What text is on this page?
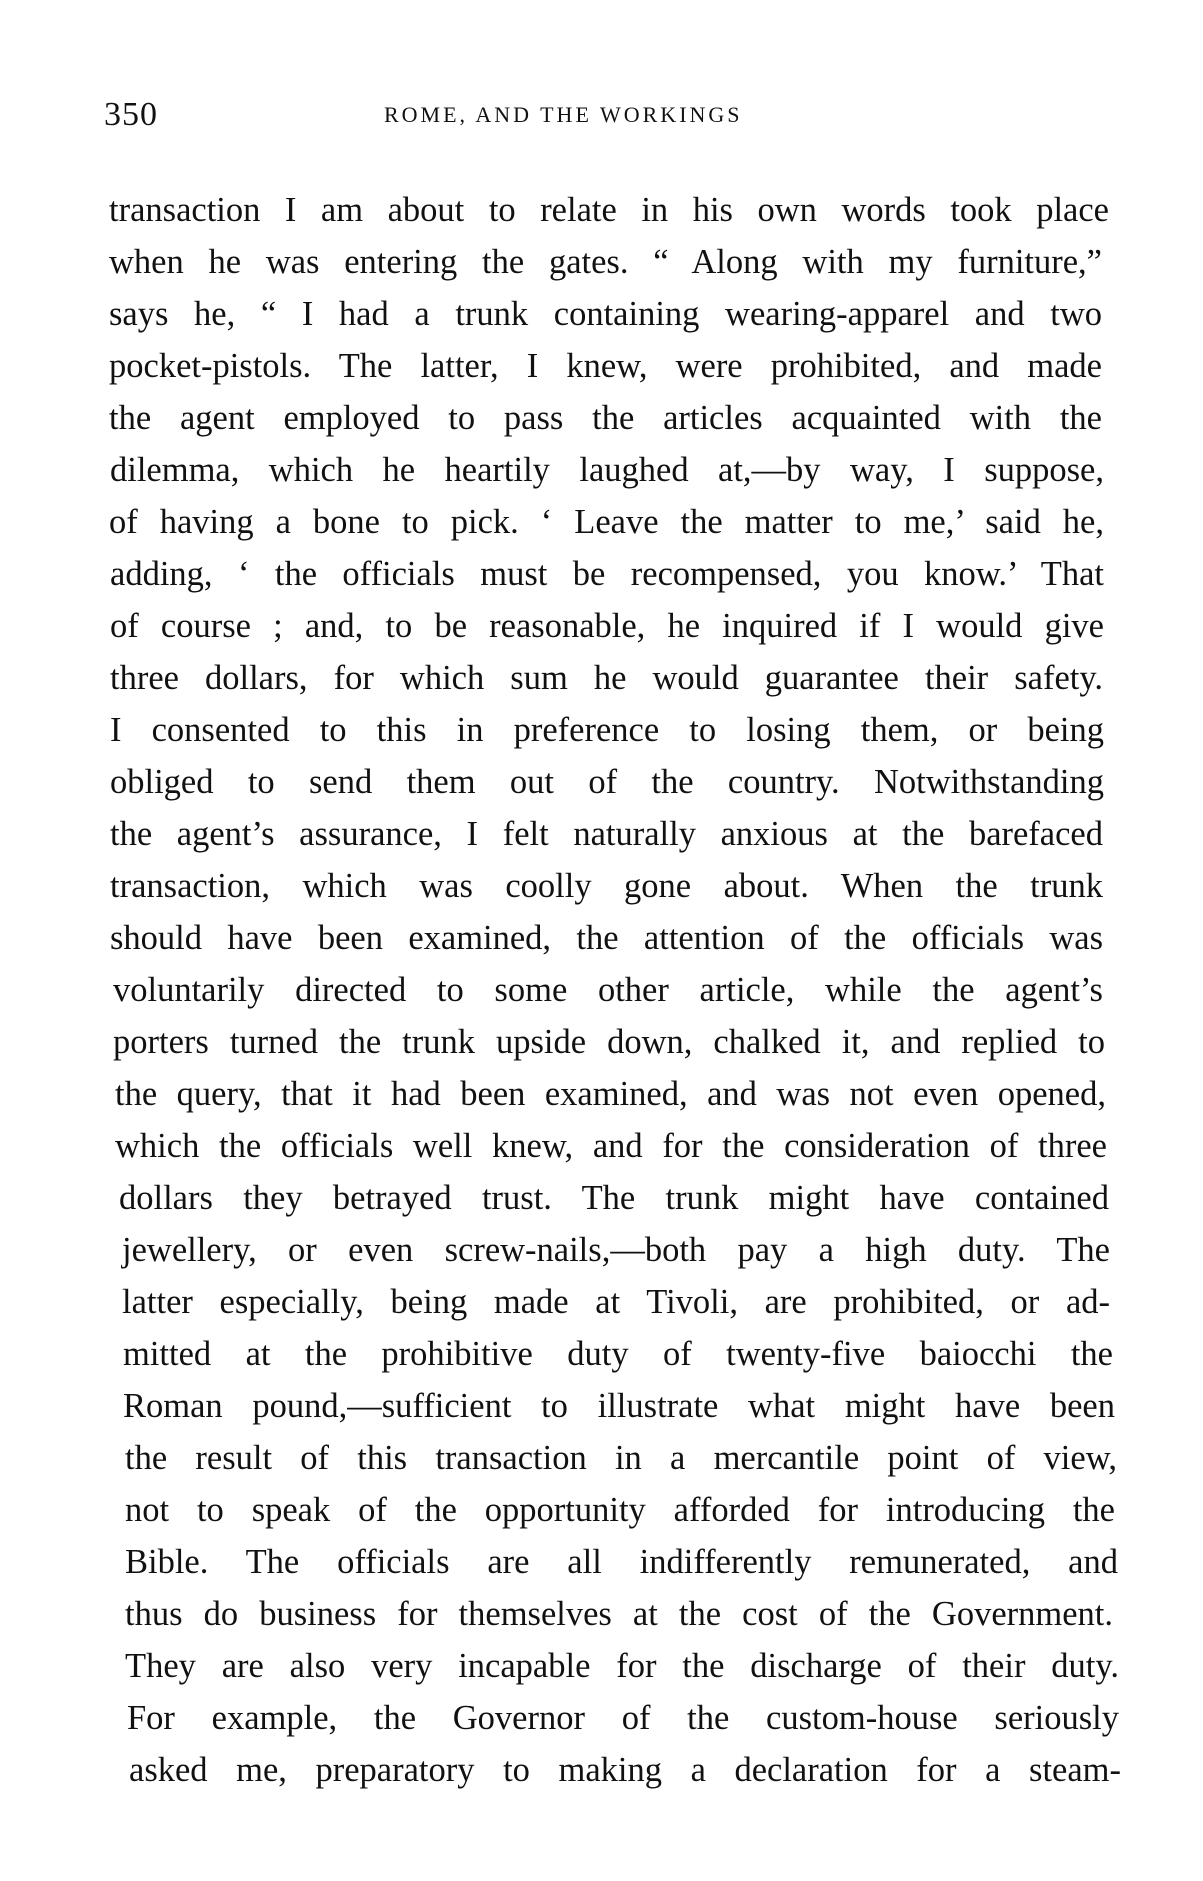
350	ROME, AND THE WORKINGS
transaction I am about to relate in his own words took place
when he was entering the gates. “ Along with my furniture,”
says he, “ I had a trunk containing wearing-apparel and two
pocket-pistols. The latter, I knew, were prohibited, and made
the agent employed to pass the articles acquainted with the
dilemma, which he heartily laughed at,—by way, I suppose,
of having a bone to pick. ‘ Leave the matter to me,’ said he,
adding, ‘ the officials must be recompensed, you know.’ That
of course ; and, to be reasonable, he inquired if I would give
three dollars, for which sum he would guarantee their safety.
I consented to this in preference to losing them, or being
obliged to send them out of the country. Notwithstanding
the agent’s assurance, I felt naturally anxious at the barefaced
transaction, which was coolly gone about. When the trunk
should have been examined, the attention of the officials was
voluntarily directed to some other article, while the agent’s
porters turned the trunk upside down, chalked it, and replied to
the query, that it had been examined, and was not even opened,
which the officials well knew, and for the consideration of three
dollars they betrayed trust. The trunk might have contained
jewellery, or even screw-nails,—both pay a high duty. The
latter especially, being made at Tivoli, are prohibited, or ad-
mitted at the prohibitive duty of twenty-five baiocchi the
Roman pound,—sufficient to illustrate what might have been
the result of this transaction in a mercantile point of view,
not to speak of the opportunity afforded for introducing the
Bible. The officials are all indifferently remunerated, and
thus do business for themselves at the cost of the Government.
They are also very incapable for the discharge of their duty.
For example, the Governor of the custom-house seriously
asked me, preparatory to making a declaration for a steam-
